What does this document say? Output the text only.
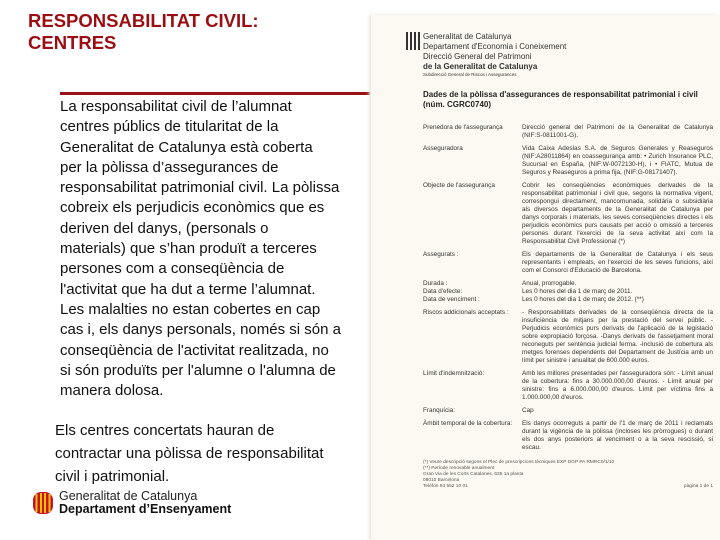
RESPONSABILITAT CIVIL:
CENTRES
La responsabilitat civil de l’alumnat
centres públics de titularitat de la
Generalitat de Catalunya està coberta
per la pòlissa d’assegurances de
responsabilitat patrimonial civil. La pòlissa
cobreix els perjudicis econòmics que es
deriven del danys, (personals o
materials) que s’han produït a terceres
persones com a conseqüència de
l'activitat que ha dut a terme l’alumnat.
Les malalties no estan cobertes en cap
cas i, els danys personals, només si són a
conseqüència de l'activitat realitzada, no
si són produïts per l'alumne o l'alumna de
manera dolosa.
Els centres concertats hauran de
contractar una pòlissa de responsabilitat
civil i patrimonial.
Generalitat de Catalunya
Departament d’Ensenyament
Generalitat de Catalunya
Departament d'Economia i Coneixement
Direcció General del Patrimoni
de la Generalitat de Catalunya
Subdirecció General de Riscos i Assegurances
Dades de la pòlissa d'assegurances de responsabilitat patrimonial i civil (núm. CGRC0740)
Prenedora de l'assegurança	Direcció general del Patrimoni de la Generalitat de Catalunya (NIF:S-0811001-G).
Asseguradora	Vida Caixa Adeslas S.A. de Seguros Generales y Reaseguros (NIF:A28011864) en coassegurança amb: • Zurich Insurance PLC, Sucursal en España, (NIF:W-0072130-H), i • FIATC, Mutua de Seguros y Reaseguros a prima fija, (NIF:G-08171407).
Objecte de l'assegurança	Cobrir les conseqüències econòmiques derivades de la responsabilitat patrimonial i civil que, segons la normativa vigent, correspongui directament, mancomunada, solidària o subsidiària als diversos departaments de la Generalitat de Catalunya per danys corporals i materials, les seves conseqüències directes i els perjudicis econòmics purs causats per acció o omissió a terceres persones durant l'exercici de la seva activitat així com la Responsabilitat Civil Professional (*)
Assegurats :	Els departaments de la Generalitat de Catalunya i els seus representants i empleats, en l'exercici de les seves funcions, així com el Consorci d'Educació de Barcelona.
Durada :	Anual, prorrogable.
Data d'efecte:	Les 0 hores del dia 1 de març de 2011.
Data de venciment :	Les 0 hores del dia 1 de març de 2012. (**)
Riscos addicionals acceptats :	- Responsabilitats derivades de la conseqüència directa de la insuficiència de mitjans per la prestació del servei públic. -Perjudicis econòmics purs derivats de l'aplicació de la legislació sobre expropiació forçosa. -Danys derivats de l'assetjament moral reconeguts per sentència judicial ferma. -Inclusió de cobertura als metges forenses dependents del Departament de Justícia amb un límit per sinistre i anualitat de 600.000 euros.
Límit d'indemnització:	Amb les millores presentades per l'asseguradora són: - Límit anual de la cobertura: fins a 30.000.000,00 d'euros. - Límit anual per sinistre: fins a 6.000.000,00 d'euros. Límit per víctima fins a 1.000.000,00 d'euros.
Franquícia:	Cap
Àmbit temporal de la cobertura:	Els danys ocorreguts a partir de l'1 de març de 2011 i reclamats durant la vigència de la pòlissa (incloses les pròrrogues) o durant els dos anys posteriors al venciment o a la seva rescissió, si escau.
(*) Veure descripció segons el Plec de prescripcions tècniques EXP DGP PA RMRC0/1/10
(**) Període renovable anualment
Gran Via de les Corts Catalanes, 635 1a planta
08010 Barcelona
Telèfon 93 552 10 01	pàgina 1 de 1
